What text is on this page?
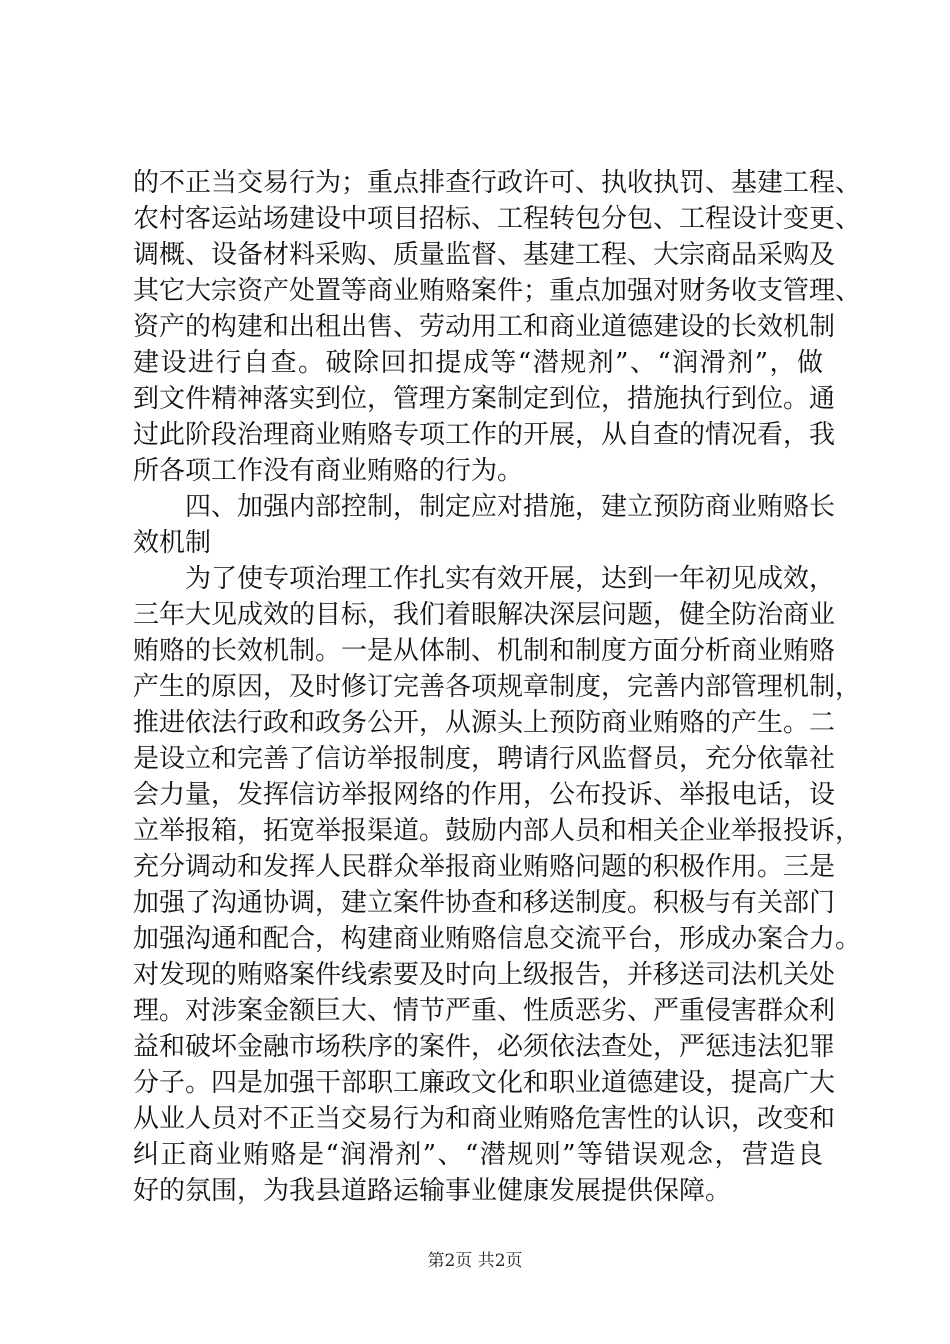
的不正当交易行为；重点排查行政许可、执收执罚、基建工程、
农村客运站场建设中项目招标、工程转包分包、工程设计变更、
调概、设备材料采购、质量监督、基建工程、大宗商品采购及
其它大宗资产处置等商业贿赂案件；重点加强对财务收支管理、
资产的构建和出租出售、劳动用工和商业道德建设的长效机制
建设进行自查。破除回扣提成等“潜规剂”、“润滑剂”，做
到文件精神落实到位，管理方案制定到位，措施执行到位。通
过此阶段治理商业贿赂专项工作的开展，从自查的情况看，我
所各项工作没有商业贿赂的行为。
四、加强内部控制，制定应对措施，建立预防商业贿赂长
效机制
为了使专项治理工作扎实有效开展，达到一年初见成效，
三年大见成效的目标，我们着眼解决深层问题，健全防治商业
贿赂的长效机制。一是从体制、机制和制度方面分析商业贿赂
产生的原因，及时修订完善各项规章制度，完善内部管理机制，
推进依法行政和政务公开，从源头上预防商业贿赂的产生。二
是设立和完善了信访举报制度，聘请行风监督员，充分依靠社
会力量，发挥信访举报网络的作用，公布投诉、举报电话，设
立举报箱，拓宽举报渠道。鼓励内部人员和相关企业举报投诉，
充分调动和发挥人民群众举报商业贿赂问题的积极作用。三是
加强了沟通协调，建立案件协查和移送制度。积极与有关部门
加强沟通和配合，构建商业贿赂信息交流平台，形成办案合力。
对发现的贿赂案件线索要及时向上级报告，并移送司法机关处
理。对涉案金额巨大、情节严重、性质恶劣、严重侵害群众利
益和破坏金融市场秩序的案件，必须依法查处，严惩违法犯罪
分子。四是加强干部职工廉政文化和职业道德建设，提高广大
从业人员对不正当交易行为和商业贿赂危害性的认识，改变和
纠正商业贿赂是“润滑剂”、“潜规则”等错误观念，营造良
好的氛围，为我县道路运输事业健康发展提供保障。
第2页 共2页
